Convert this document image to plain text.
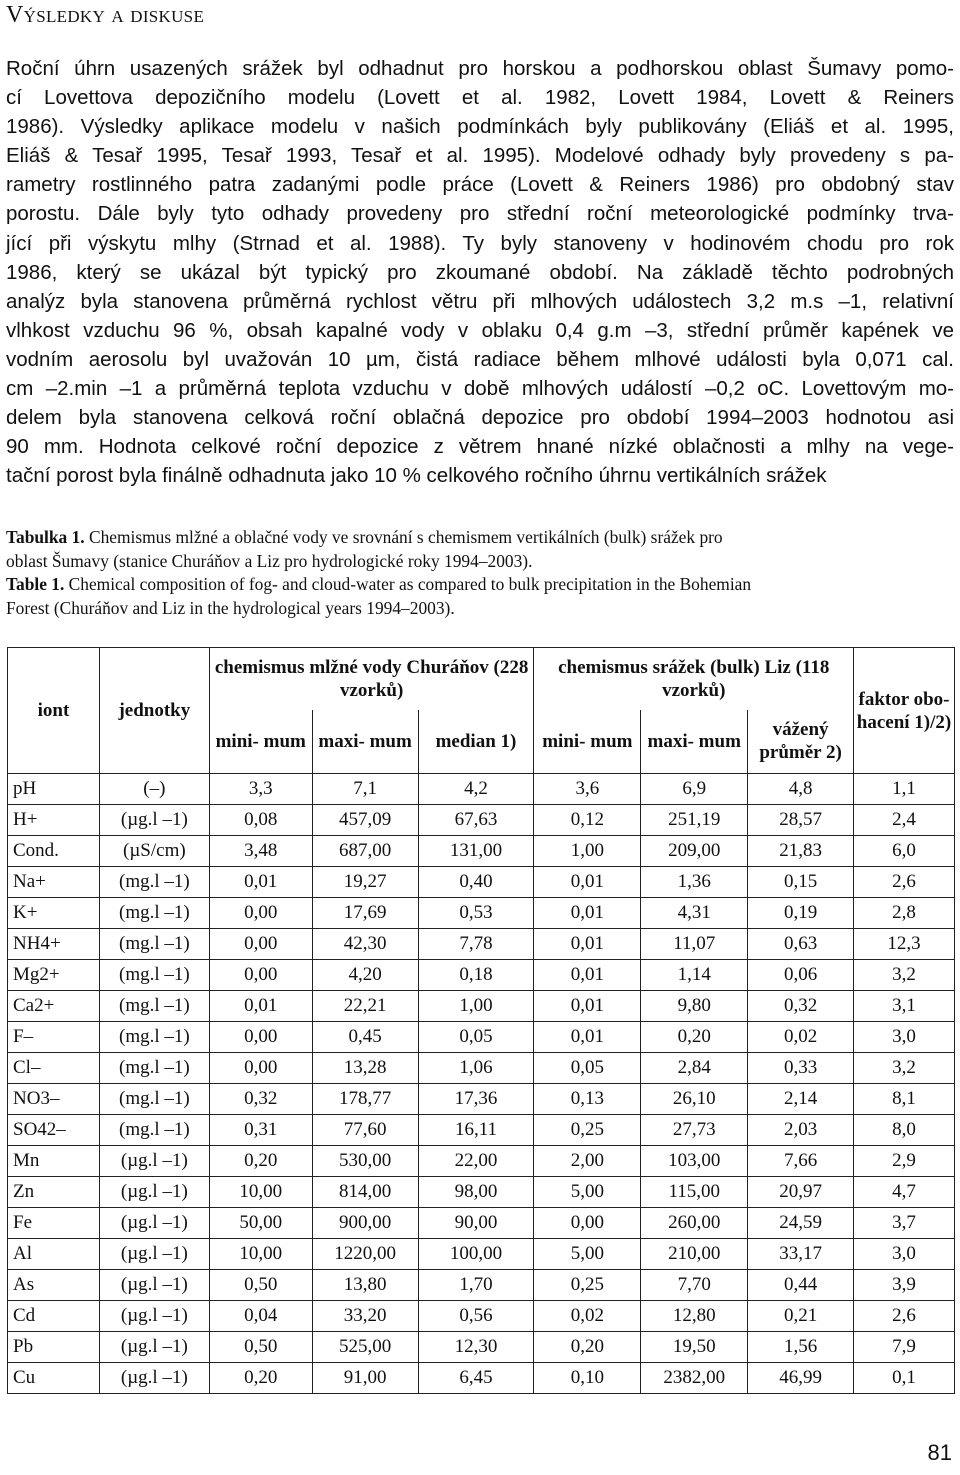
Výsledky a diskuse
Roční úhrn usazených srážek byl odhadnut pro horskou a podhorskou oblast Šumavy pomo-
cí Lovettova depozičního modelu (Lovett et al. 1982, Lovett 1984, Lovett & Reiners
1986). Výsledky aplikace modelu v našich podmínkách byly publikovány (Eliáš et al. 1995,
Eliáš & Tesař 1995, Tesař 1993, Tesař et al. 1995). Modelové odhady byly provedeny s pa-
rametry rostlinného patra zadanými podle práce (Lovett & Reiners 1986) pro obdobný stav
porostu. Dále byly tyto odhady provedeny pro střední roční meteorologické podmínky trva-
jící při výskytu mlhy (Strnad et al. 1988). Ty byly stanoveny v hodinovém chodu pro rok
1986, který se ukázal být typický pro zkoumané období. Na základě těchto podrobných
analýz byla stanovena průměrná rychlost větru při mlhových událostech 3,2 m.s –1, relativní
vlhkost vzduchu 96 %, obsah kapalné vody v oblaku 0,4 g.m –3, střední průměr kapének ve
vodním aerosolu byl uvažován 10 µm, čistá radiace během mlhové události byla 0,071 cal.
cm –2.min –1 a průměrná teplota vzduchu v době mlhových událostí –0,2 oC. Lovettovým mo-
delem byla stanovena celková roční oblačná depozice pro období 1994–2003 hodnotou asi
90 mm. Hodnota celkové roční depozice z větrem hnané nízké oblačnosti a mlhy na vege-
tační porost byla finálně odhadnuta jako 10 % celkového ročního úhrnu vertikálních srážek
Tabulka 1. Chemismus mlžné a oblačné vody ve srovnání s chemismem vertikálních (bulk) srážek pro
oblast Šumavy (stanice Churáňov a Liz pro hydrologické roky 1994–2003).
Table 1. Chemical composition of fog- and cloud-water as compared to bulk precipitation in the Bohemian
Forest (Churáňov and Liz in the hydrological years 1994–2003).
iont	jednotky	chemismus mlžné vody Churáňov (228 vzorků)			chemismus srážek (bulk) Liz (118 vzorků)			faktor obo- hacení 1)/2)
		mini- mum	maxi- mum	median 1)	mini- mum	maxi- mum	vážený průměr 2)	
pH	(–)	3,3	7,1	4,2	3,6	6,9	4,8	1,1
H+	(µg.l –1)	0,08	457,09	67,63	0,12	251,19	28,57	2,4
Cond.	(µS/cm)	3,48	687,00	131,00	1,00	209,00	21,83	6,0
Na+	(mg.l –1)	0,01	19,27	0,40	0,01	1,36	0,15	2,6
K+	(mg.l –1)	0,00	17,69	0,53	0,01	4,31	0,19	2,8
NH4+	(mg.l –1)	0,00	42,30	7,78	0,01	11,07	0,63	12,3
Mg2+	(mg.l –1)	0,00	4,20	0,18	0,01	1,14	0,06	3,2
Ca2+	(mg.l –1)	0,01	22,21	1,00	0,01	9,80	0,32	3,1
F–	(mg.l –1)	0,00	0,45	0,05	0,01	0,20	0,02	3,0
Cl–	(mg.l –1)	0,00	13,28	1,06	0,05	2,84	0,33	3,2
NO3–	(mg.l –1)	0,32	178,77	17,36	0,13	26,10	2,14	8,1
SO42–	(mg.l –1)	0,31	77,60	16,11	0,25	27,73	2,03	8,0
Mn	(µg.l –1)	0,20	530,00	22,00	2,00	103,00	7,66	2,9
Zn	(µg.l –1)	10,00	814,00	98,00	5,00	115,00	20,97	4,7
Fe	(µg.l –1)	50,00	900,00	90,00	0,00	260,00	24,59	3,7
Al	(µg.l –1)	10,00	1220,00	100,00	5,00	210,00	33,17	3,0
As	(µg.l –1)	0,50	13,80	1,70	0,25	7,70	0,44	3,9
Cd	(µg.l –1)	0,04	33,20	0,56	0,02	12,80	0,21	2,6
Pb	(µg.l –1)	0,50	525,00	12,30	0,20	19,50	1,56	7,9
Cu	(µg.l –1)	0,20	91,00	6,45	0,10	2382,00	46,99	0,1
81
